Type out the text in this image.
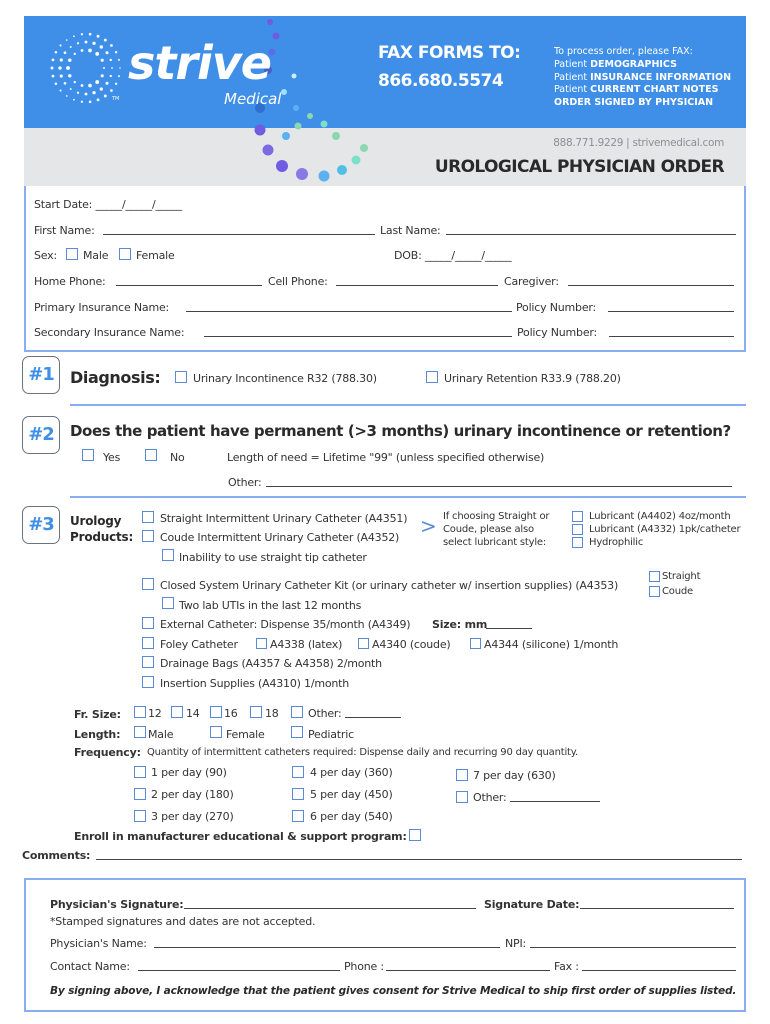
strive
Medical
TM
FAX FORMS TO:
866.680.5574
To process order, please FAX:
Patient DEMOGRAPHICS
Patient INSURANCE INFORMATION
Patient CURRENT CHART NOTES
ORDER SIGNED BY PHYSICIAN
888.771.9229 | strivemedical.com
UROLOGICAL PHYSICIAN ORDER
Start Date: _____/_____/_____
First Name:	Last Name:
Sex: Male	Female	DOB: _____/_____/_____
Home Phone:	Cell Phone:	Caregiver:
Primary Insurance Name:	Policy Number:
Secondary Insurance Name:	Policy Number:
#1	Diagnosis:	Urinary Incontinence R32 (788.30)	Urinary Retention R33.9 (788.20)
#2	Does the patient have permanent (>3 months) urinary incontinence or retention?
Yes	No	Length of need = Lifetime "99" (unless specified otherwise)
Other:
#3	Urology
Products:
Straight Intermittent Urinary Catheter (A4351)
Coude Intermittent Urinary Catheter (A4352)
Inability to use straight tip catheter
> If choosing Straight or
Coude, please also
select lubricant style:
Lubricant (A4402) 4oz/month
Lubricant (A4332) 1pk/catheter
Hydrophilic
Closed System Urinary Catheter Kit (or urinary catheter w/ insertion supplies) (A4353)
Two lab UTIs in the last 12 months
Straight
Coude
External Catheter: Dispense 35/month (A4349) Size: mm
Foley Catheter	A4338 (latex)	A4340 (coude)	A4344 (silicone) 1/month
Drainage Bags (A4357 & A4358) 2/month
Insertion Supplies (A4310) 1/month
Fr. Size: 12 14 16 18	Other:
Length:	Male	Female	Pediatric
Frequency: Quantity of intermittent catheters required: Dispense daily and recurring 90 day quantity.
1 per day (90)
2 per day (180)
3 per day (270)
4 per day (360)
5 per day (450)
6 per day (540)
7 per day (630)
Other:
Enroll in manufacturer educational & support program:
Comments:
Physician's Signature:	Signature Date:
*Stamped signatures and dates are not accepted.
Physician's Name:	NPI:
Contact Name:	Phone :	Fax :
By signing above, I acknowledge that the patient gives consent for Strive Medical to ship first order of supplies listed.
